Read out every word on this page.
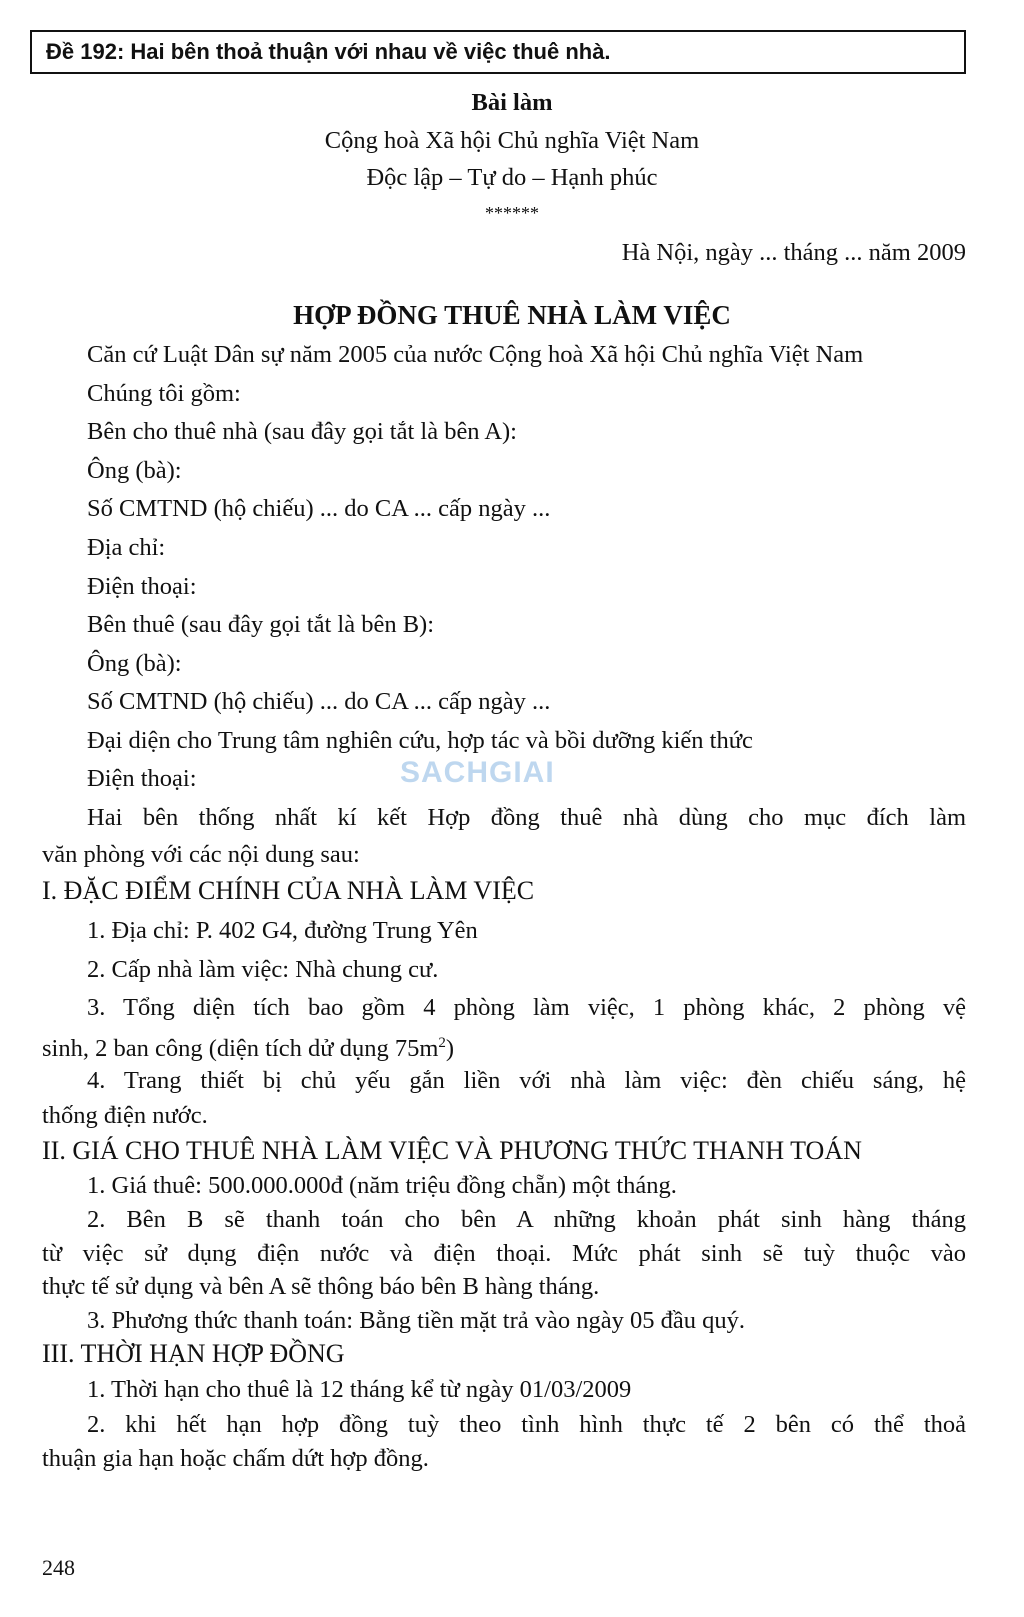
Đề 192: Hai bên thoả thuận với nhau về việc thuê nhà.
Bài làm
Cộng hoà Xã hội Chủ nghĩa Việt Nam
Độc lập – Tự do – Hạnh phúc
******
Hà Nội, ngày ... tháng ... năm 2009
HỢP ĐỒNG THUÊ NHÀ LÀM VIỆC
Căn cứ Luật Dân sự năm 2005 của nước Cộng hoà Xã hội Chủ nghĩa Việt Nam
Chúng tôi gồm:
Bên cho thuê nhà (sau đây gọi tắt là bên A):
Ông (bà):
Số CMTND (hộ chiếu) ... do CA ... cấp ngày ...
Địa chỉ:
Điện thoại:
Bên thuê (sau đây gọi tắt là bên B):
Ông (bà):
Số CMTND (hộ chiếu) ... do CA ... cấp ngày ...
Đại diện cho Trung tâm nghiên cứu, hợp tác và bồi dưỡng kiến thức
Điện thoại:	SACHGIAI
Hai bên thống nhất kí kết Hợp đồng thuê nhà dùng cho mục đích làm
văn phòng với các nội dung sau:
I. ĐẶC ĐIỂM CHÍNH CỦA NHÀ LÀM VIỆC
1. Địa chỉ: P. 402 G4, đường Trung Yên
2. Cấp nhà làm việc: Nhà chung cư.
3. Tổng diện tích bao gồm 4 phòng làm việc, 1 phòng khác, 2 phòng vệ
sinh, 2 ban công (diện tích dử dụng $75m^2$)
4. Trang thiết bị chủ yếu gắn liền với nhà làm việc: đèn chiếu sáng, hệ
thống điện nước.
II. GIÁ CHO THUÊ NHÀ LÀM VIỆC VÀ PHƯƠNG THỨC THANH TOÁN
1. Giá thuê: 500.000.000đ (năm triệu đồng chẵn) một tháng.
2. Bên B sẽ thanh toán cho bên A những khoản phát sinh hàng tháng
từ việc sử dụng điện nước và điện thoại. Mức phát sinh sẽ tuỳ thuộc vào
thực tế sử dụng và bên A sẽ thông báo bên B hàng tháng.
3. Phương thức thanh toán: Bằng tiền mặt trả vào ngày 05 đầu quý.
III. THỜI HẠN HỢP ĐỒNG
1. Thời hạn cho thuê là 12 tháng kể từ ngày 01/03/2009
2. khi hết hạn hợp đồng tuỳ theo tình hình thực tế 2 bên có thể thoả
thuận gia hạn hoặc chấm dứt hợp đồng.
248
